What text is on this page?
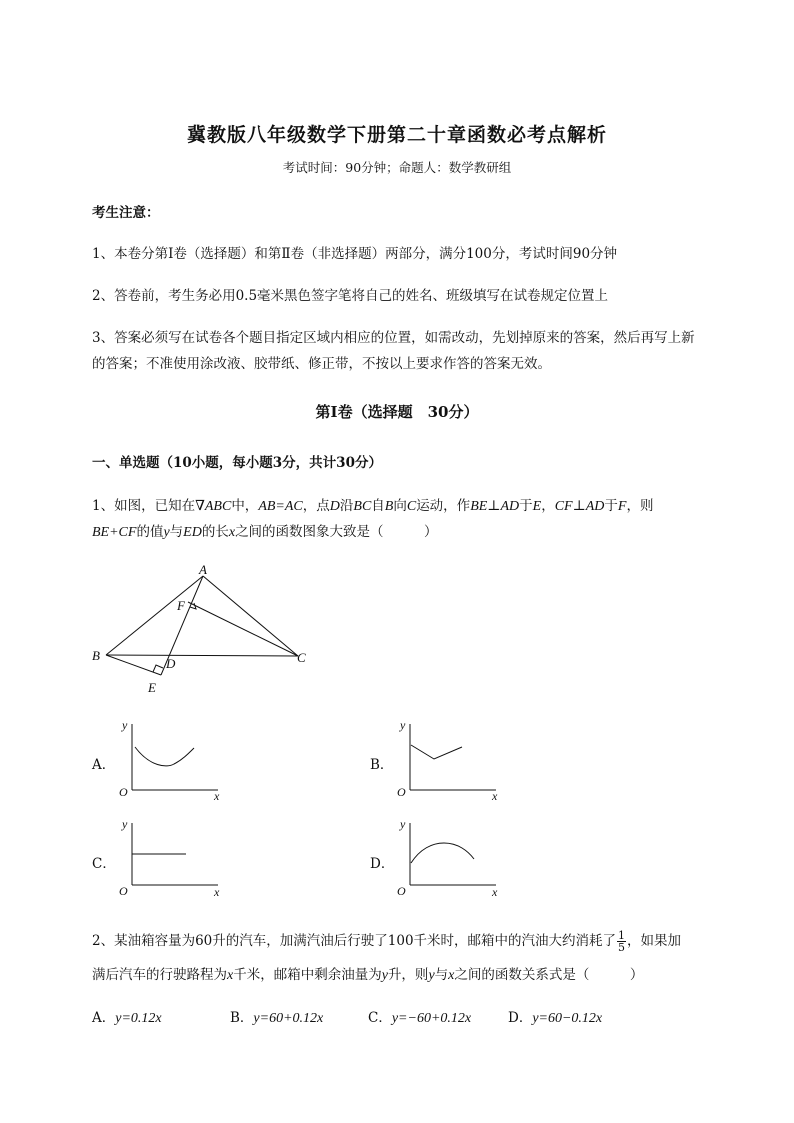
冀教版八年级数学下册第二十章函数必考点解析
考试时间：90分钟；命题人：数学教研组
考生注意：
1、本卷分第Ⅰ卷（选择题）和第Ⅱ卷（非选择题）两部分，满分100分，考试时间90分钟
2、答卷前，考生务必用0.5毫米黑色签字笔将自己的姓名、班级填写在试卷规定位置上
3、答案必须写在试卷各个题目指定区域内相应的位置，如需改动，先划掉原来的答案，然后再写上新
的答案；不准使用涂改液、胶带纸、修正带，不按以上要求作答的答案无效。
第Ⅰ卷（选择题　30分）
一、单选题（10小题，每小题3分，共计30分）
1、如图，已知在∇ABC中，AB=AC，点D沿BC自B向C运动，作BE⊥AD于E，CF⊥AD于F，则
BE+CF的值y与ED的长x之间的函数图象大致是（　　　）
A
B	C
D
E
F
A．
y
x
O
B．
y
x
O
C．
y
x
O
D．
y
x
O
2、某油箱容量为60升的汽车，加满汽油后行驶了100千米时，邮箱中的汽油大约消耗了 $\frac{1}{5}$ ，如果加
满后汽车的行驶路程为x千米，邮箱中剩余油量为y升，则y与x之间的函数关系式是（　　　）
A．y=0.12x	B．y=60+0.12x	C．y=−60+0.12x	D．y=60−0.12x
